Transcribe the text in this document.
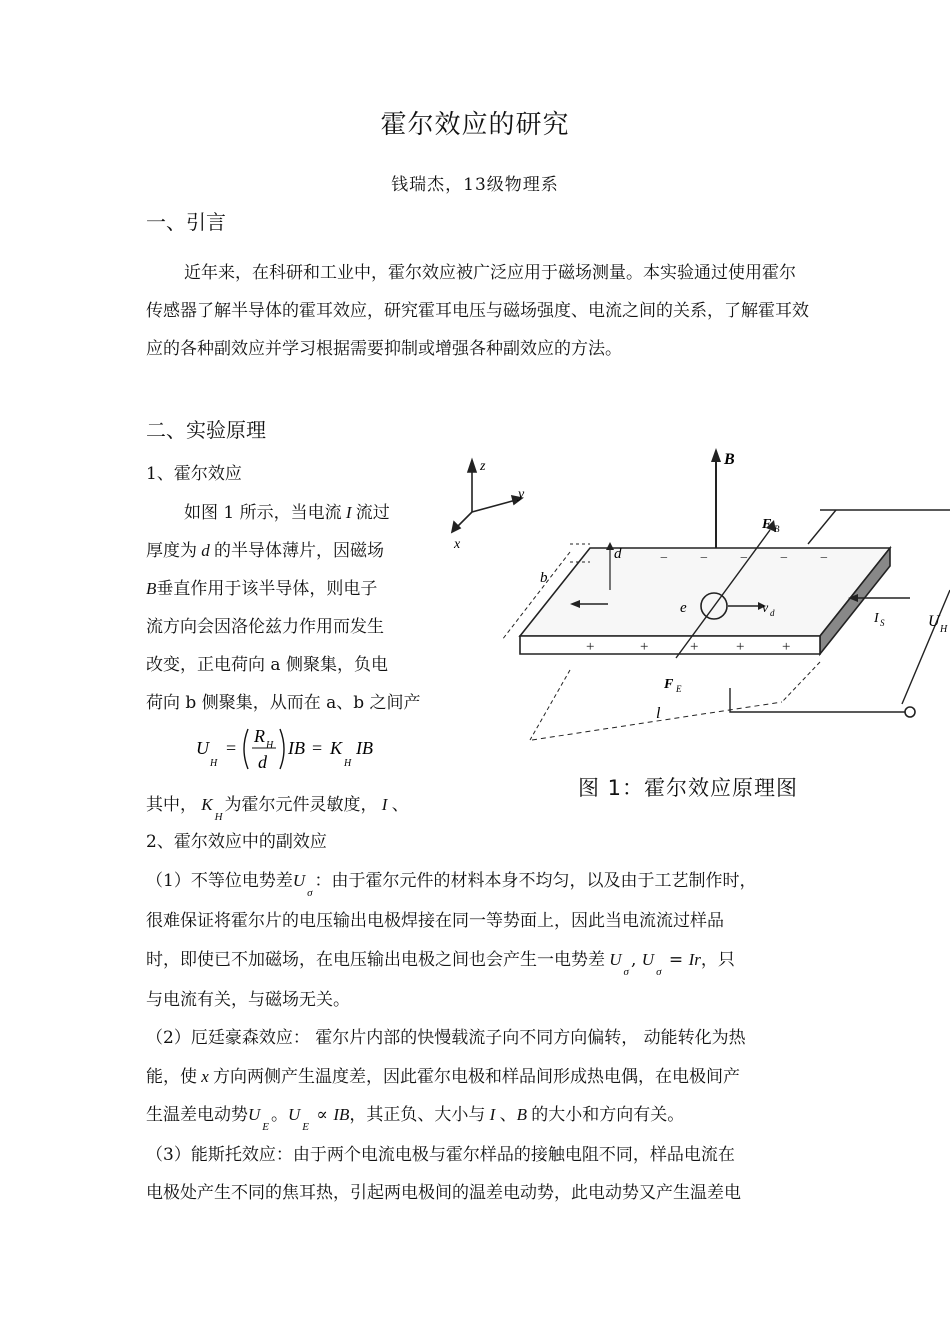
霍尔效应的研究
钱瑞杰，13级物理系
一、引言
近年来，在科研和工业中，霍尔效应被广泛应用于磁场测量。本实验通过使用霍尔传感器了解半导体的霍耳效应，研究霍耳电压与磁场强度、电流之间的关系，了解霍耳效应的各种副效应并学习根据需要抑制或增强各种副效应的方法。
二、实验原理
1、霍尔效应
如图 1 所示，当电流 I 流过
厚度为 d 的半导体薄片，因磁场
B垂直作用于该半导体，则电子
流方向会因洛伦兹力作用而发生
改变，正电荷向 a 侧聚集，负电
荷向 b 侧聚集，从而在 a、b 之间产
U
H
=
R H
d
IB = K
H
IB
其中， $K_H$为霍尔元件灵敏度， I 、
2、霍尔效应中的副效应
（1）不等位电势差$U_\sigma$：由于霍尔元件的材料本身不均匀，以及由于工艺制作时，
很难保证将霍尔片的电压输出电极焊接在同一等势面上，因此当电流流过样品
时，即使已不加磁场，在电压输出电极之间也会产生一电势差 $U_\sigma$, $U_\sigma = Ir$，只
与电流有关，与磁场无关。
（2）厄廷豪森效应： 霍尔片内部的快慢载流子向不同方向偏转， 动能转化为热
能，使 x 方向两侧产生温度差，因此霍尔电极和样品间形成热电偶，在电极间产
生温差电动势$U_E$。$U_E$ ∝ IB，其正负、大小与 I 、B 的大小和方向有关。
（3）能斯托效应：由于两个电流电极与霍尔样品的接触电阻不同，样品电流在
电极处产生不同的焦耳热，引起两电极间的温差电动势，此电动势又产生温差电
z
y
x
B
− − − − −
+	+	+	+	+
F B
F E
e	v d	I S
d
b
l
U H
图 1：霍尔效应原理图
